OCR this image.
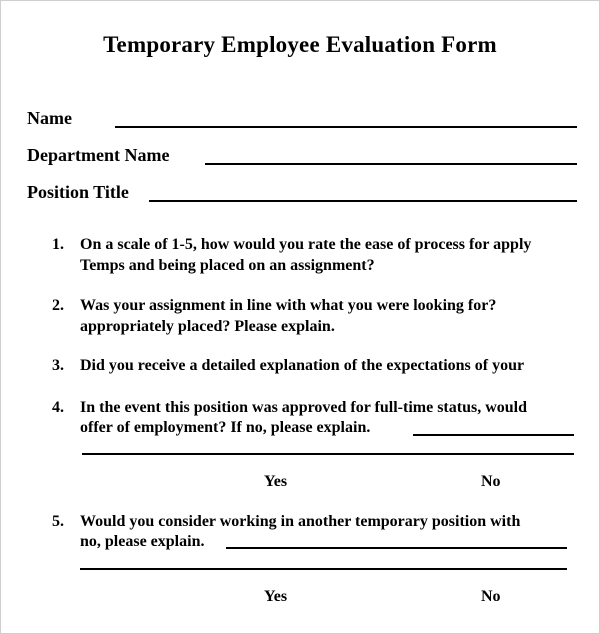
Temporary Employee Evaluation Form
Name
Department Name
Position Title
1. On a scale of 1-5, how would you rate the ease of process for apply
Temps and being placed on an assignment?
2. Was your assignment in line with what you were looking for?
appropriately placed? Please explain.
3. Did you receive a detailed explanation of the expectations of your
4. In the event this position was approved for full-time status, would
offer of employment? If no, please explain.
Yes	No
5. Would you consider working in another temporary position with
no, please explain.
Yes	No
